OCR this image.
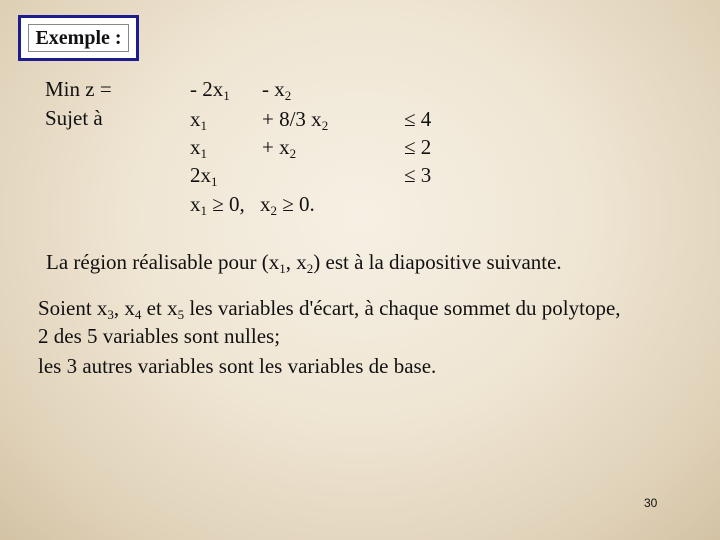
Exemple :
Min z =
Sujet à
- $2x_1 - x_2$
$x_1$	+ 8/3 $x_2$
$x_1$	+ $x_2$
$2x_1$
$x_1 \ge 0$, $x_2 \ge 0$.
≤ 4
≤ 2
≤ 3
La région réalisable pour ($x_1$, $x_2$) est à la diapositive suivante.
Soient $x_3$, $x_4$ et $x_5$ les variables d'écart, à chaque sommet du polytope,
2 des 5 variables sont nulles;
les 3 autres variables sont les variables de base.
30
